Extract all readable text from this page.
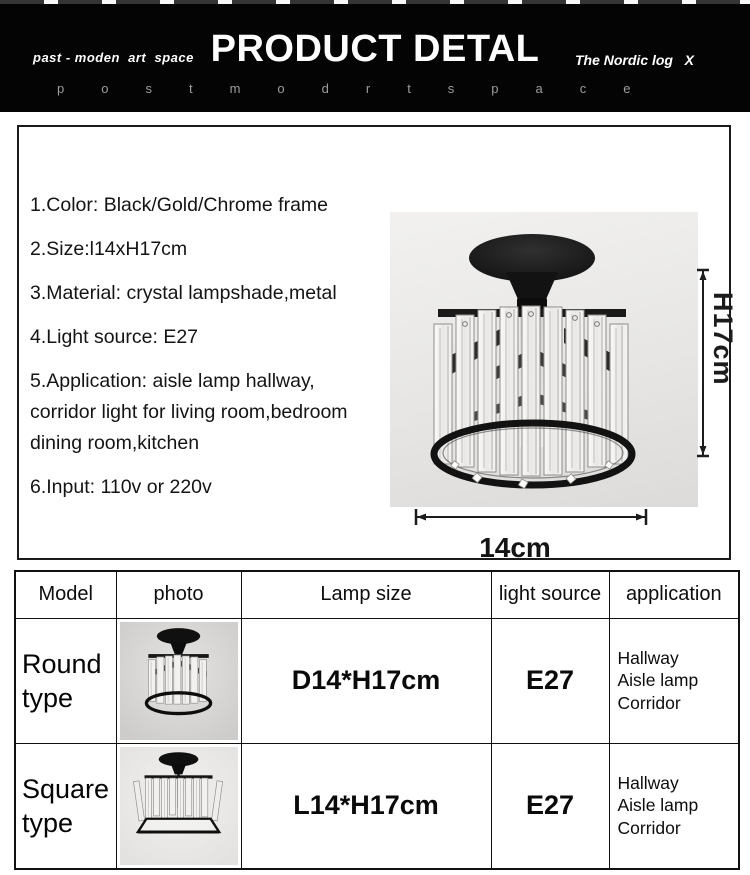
past - moden  art  space PRODUCT DETAL	The Nordic log   X
postmodrtspace
1.Color: Black/Gold/Chrome frame
2.Size:l14xH17cm
3.Material: crystal lampshade,metal
4.Light source: E27
5.Application: aisle lamp hallway,
corridor light for living room,bedroom
dining room,kitchen
6.Input: 110v or 220v
H17cm
14cm
Model	photo	Lamp size	light source	application
Round type		D14*H17cm	E27	Hallway
Aisle lamp
Corridor

Square type		L14*H17cm	E27	Hallway
Aisle lamp
Corridor
